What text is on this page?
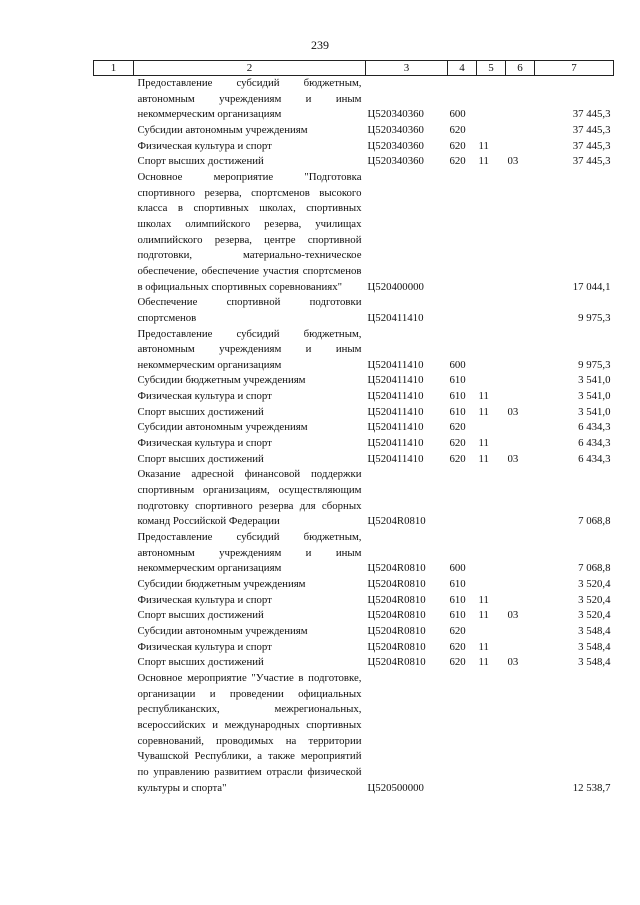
239
1	2	3	4	5	6	7
	Предоставление субсидий бюджетным, автономным учреждениям и иным некоммерческим организациям	Ц520340360	600			37 445,3
	Субсидии автономным учреждениям	Ц520340360	620			37 445,3
	Физическая культура и спорт	Ц520340360	620	11		37 445,3
	Спорт высших достижений	Ц520340360	620	11	03	37 445,3
	Основное мероприятие "Подготовка спортивного резерва, спортсменов высокого класса в спортивных школах, спортивных школах олимпийского резерва, училищах олимпийского резерва, центре спортивной подготовки, материально-техническое обеспечение, обеспечение участия спортсменов в официальных спортивных соревнованиях"	Ц520400000				17 044,1
	Обеспечение спортивной подготовки спортсменов	Ц520411410				9 975,3
	Предоставление субсидий бюджетным, автономным учреждениям и иным некоммерческим организациям	Ц520411410	600			9 975,3
	Субсидии бюджетным учреждениям	Ц520411410	610			3 541,0
	Физическая культура и спорт	Ц520411410	610	11		3 541,0
	Спорт высших достижений	Ц520411410	610	11	03	3 541,0
	Субсидии автономным учреждениям	Ц520411410	620			6 434,3
	Физическая культура и спорт	Ц520411410	620	11		6 434,3
	Спорт высших достижений	Ц520411410	620	11	03	6 434,3
	Оказание адресной финансовой поддержки спортивным организациям, осуществляющим подготовку спортивного резерва для сборных команд Российской Федерации	Ц5204R0810				7 068,8
	Предоставление субсидий бюджетным, автономным учреждениям и иным некоммерческим организациям	Ц5204R0810	600			7 068,8
	Субсидии бюджетным учреждениям	Ц5204R0810	610			3 520,4
	Физическая культура и спорт	Ц5204R0810	610	11		3 520,4
	Спорт высших достижений	Ц5204R0810	610	11	03	3 520,4
	Субсидии автономным учреждениям	Ц5204R0810	620			3 548,4
	Физическая культура и спорт	Ц5204R0810	620	11		3 548,4
	Спорт высших достижений	Ц5204R0810	620	11	03	3 548,4
	Основное мероприятие "Участие в подготовке, организации и проведении официальных республиканских, межрегиональных, всероссийских и международных спортивных соревнований, проводимых на территории Чувашской Республики, а также мероприятий по управлению развитием отрасли физической культуры и спорта"	Ц520500000				12 538,7
